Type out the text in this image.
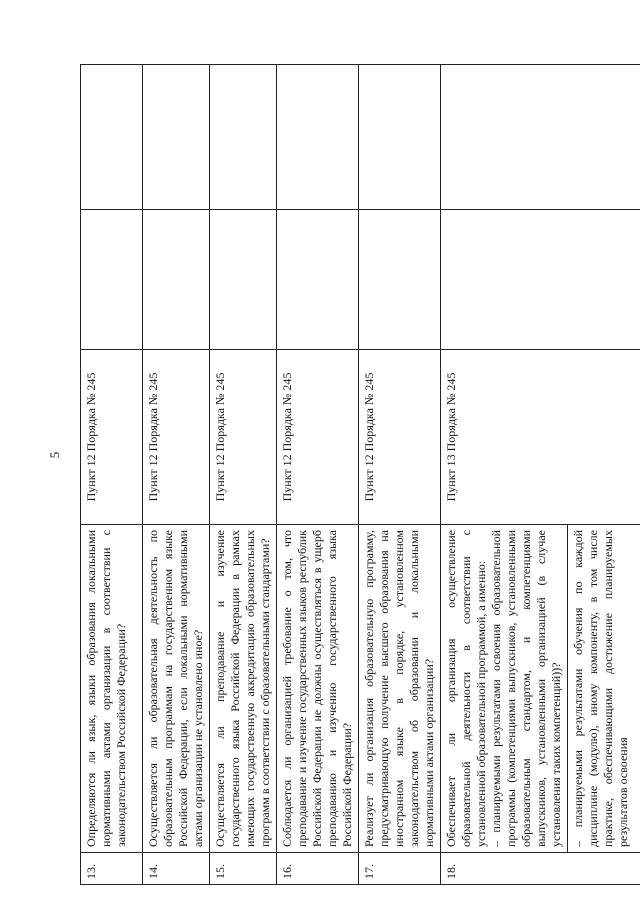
5
13.	Определяются ли язык, языки образования локальными нормативными актами организации в соответствии с законодательством Российской Федерации?	Пункт 12 Порядка № 245		
14.	Осуществляется ли образовательная деятельность по образовательным программам на государственном языке Российской Федерации, если локальными нормативными актами организации не установлено иное?	Пункт 12 Порядка № 245		
15.	Осуществляется ли преподавание и изучение государственного языка Российской Федерации в рамках имеющих государственную аккредитацию образовательных программ в соответствии с образовательными стандартами?	Пункт 12 Порядка № 245		
16.	Соблюдается ли организацией требование о том, что преподавание и изучение государственных языков республик Российской Федерации не должны осуществляться в ущерб преподаванию и изучению государственного языка Российской Федерации?	Пункт 12 Порядка № 245		
17.	Реализует ли организация образовательную программу, предусматривающую получение высшего образования на иностранном языке в порядке, установленном законодательством об образовании и локальными нормативными актами организации?	Пункт 12 Порядка № 245		
18.	Обеспечивает ли организация осуществление образовательной деятельности в соответствии с установленной образовательной программой, а именно: – планируемыми результатами освоения образовательной программы (компетенциями выпускников, установленными образовательным стандартом, и компетенциями выпускников, установленными организацией (в случае установления таких компетенций))?	Пункт 13 Порядка № 245		
	– планируемыми результатами обучения по каждой дисциплине (модулю), иному компоненту, в том числе практике, обеспечивающими достижение планируемых результатов освоения			
